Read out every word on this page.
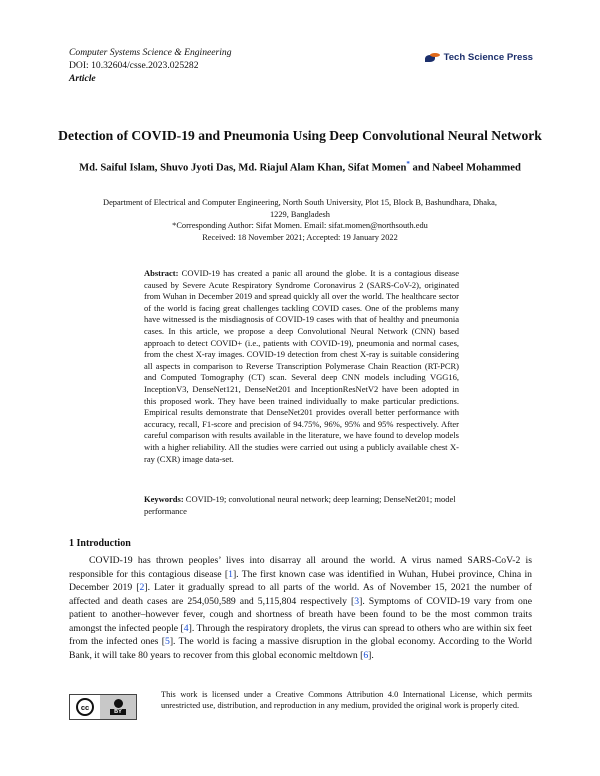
Computer Systems Science & Engineering
DOI: 10.32604/csse.2023.025282
Article
Tech Science Press
Detection of COVID-19 and Pneumonia Using Deep Convolutional Neural Network
Md. Saiful Islam, Shuvo Jyoti Das, Md. Riajul Alam Khan, Sifat Momen* and Nabeel Mohammed
Department of Electrical and Computer Engineering, North South University, Plot 15, Block B, Bashundhara, Dhaka, 1229, Bangladesh
*Corresponding Author: Sifat Momen. Email: sifat.momen@northsouth.edu
Received: 18 November 2021; Accepted: 19 January 2022

Abstract: COVID-19 has created a panic all around the globe. It is a contagious disease caused by Severe Acute Respiratory Syndrome Coronavirus 2 (SARS-CoV-2), originated from Wuhan in December 2019 and spread quickly all over the world. The healthcare sector of the world is facing great challenges tackling COVID cases. One of the problems many have witnessed is the misdiagnosis of COVID-19 cases with that of healthy and pneumonia cases. In this article, we propose a deep Convolutional Neural Network (CNN) based approach to detect COVID+ (i.e., patients with COVID-19), pneumonia and normal cases, from the chest X-ray images. COVID-19 detection from chest X-ray is suitable considering all aspects in comparison to Reverse Transcription Polymerase Chain Reaction (RT-PCR) and Computed Tomography (CT) scan. Several deep CNN models including VGG16, InceptionV3, DenseNet121, DenseNet201 and InceptionResNetV2 have been adopted in this proposed work. They have been trained individually to make particular predictions. Empirical results demonstrate that DenseNet201 provides overall better performance with accuracy, recall, F1-score and precision of 94.75%, 96%, 95% and 95% respectively. After careful comparison with results available in the literature, we have found to develop models with a higher reliability. All the studies were carried out using a publicly available chest X-ray (CXR) image data-set.

Keywords: COVID-19; convolutional neural network; deep learning; DenseNet201; model performance

1 Introduction

COVID-19 has thrown peoples’ lives into disarray all around the world. A virus named SARS-CoV-2 is responsible for this contagious disease [1]. The first known case was identified in Wuhan, Hubei province, China in December 2019 [2]. Later it gradually spread to all parts of the world. As of November 15, 2021 the number of affected and death cases are 254,050,589 and 5,115,804 respectively [3]. Symptoms of COVID-19 vary from one patient to another–however fever, cough and shortness of breath have been found to be the most common traits amongst the infected people [4]. Through the respiratory droplets, the virus can spread to others who are within six feet from the infected ones [5]. The world is facing a massive disruption in the global economy. According to the World Bank, it will take 80 years to recover from this global economic meltdown [6].

cc
BY

This work is licensed under a Creative Commons Attribution 4.0 International License, which permits unrestricted use, distribution, and reproduction in any medium, provided the original work is properly cited.
